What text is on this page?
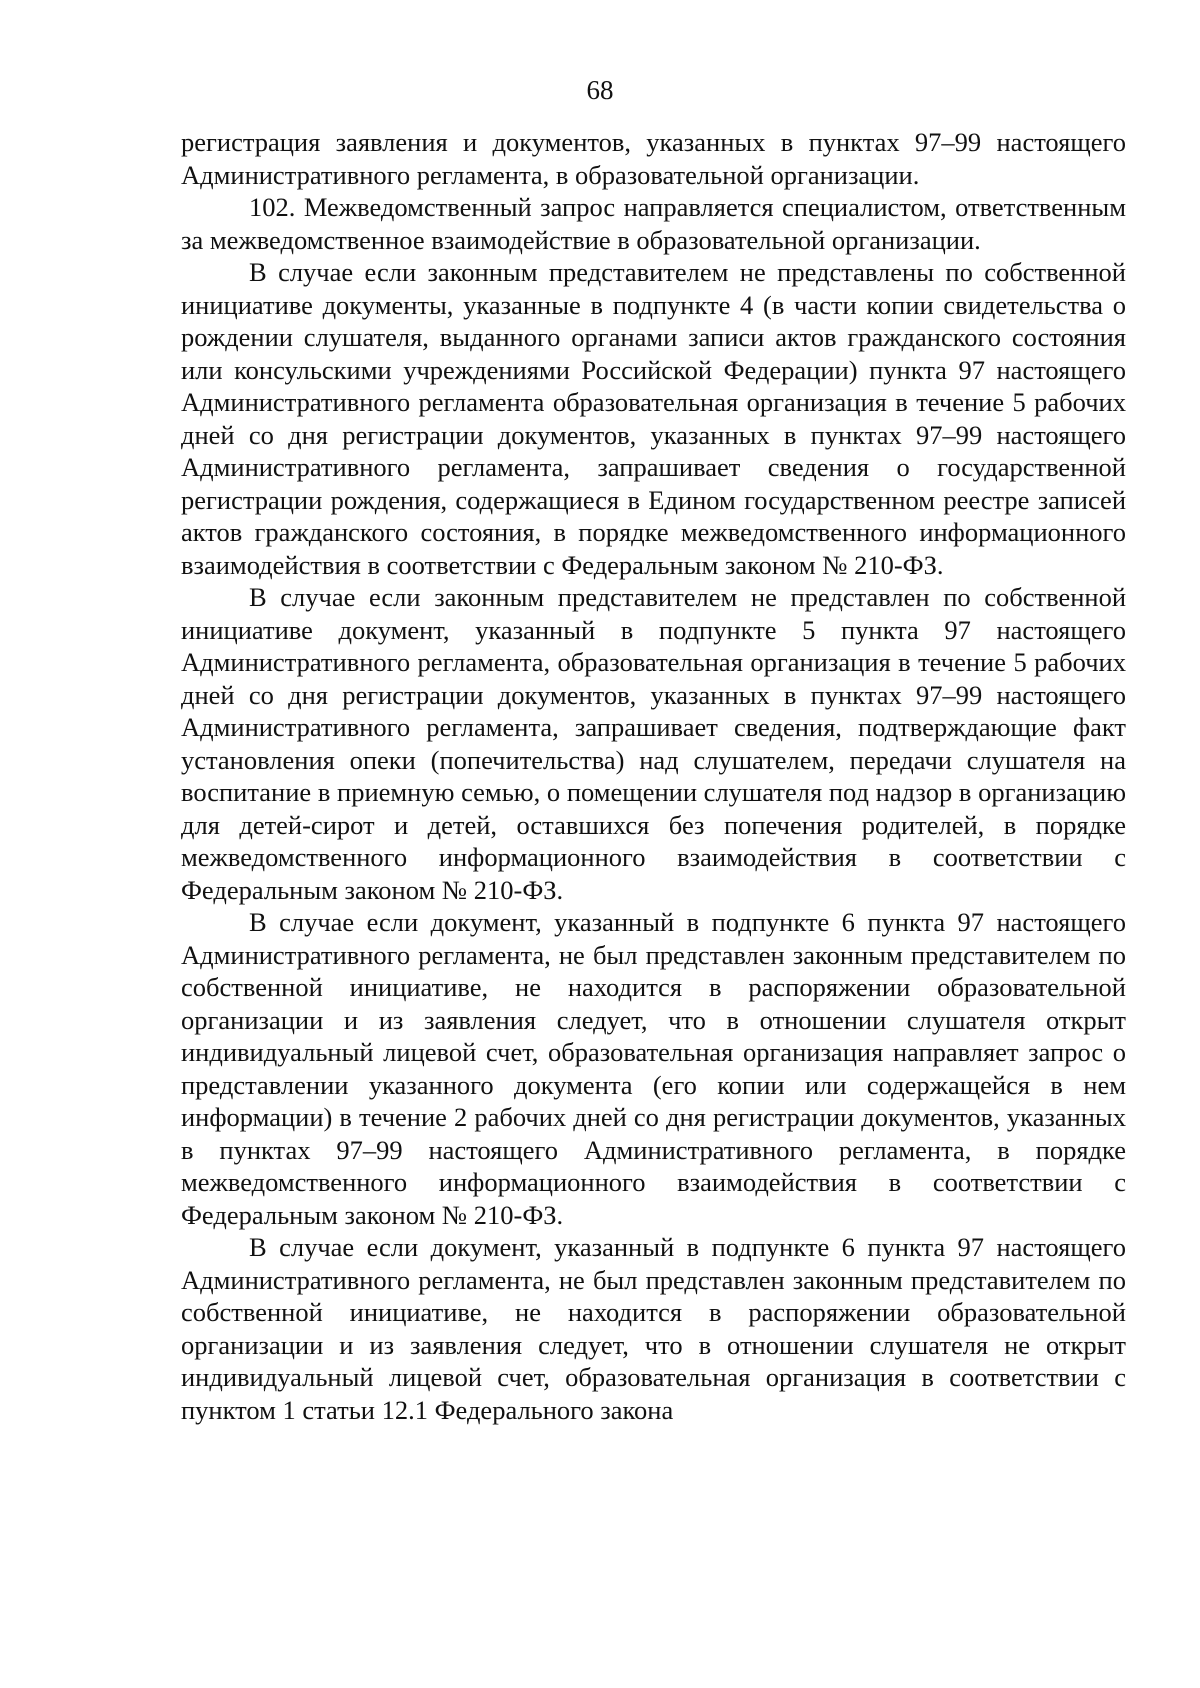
68

регистрация заявления и документов, указанных в пунктах 97–99 настоящего Административного регламента, в образовательной организации.

102. Межведомственный запрос направляется специалистом, ответственным за межведомственное взаимодействие в образовательной организации.

В случае если законным представителем не представлены по собственной инициативе документы, указанные в подпункте 4 (в части копии свидетельства о рождении слушателя, выданного органами записи актов гражданского состояния или консульскими учреждениями Российской Федерации) пункта 97 настоящего Административного регламента образовательная организация в течение 5 рабочих дней со дня регистрации документов, указанных в пунктах 97–99 настоящего Административного регламента, запрашивает сведения о государственной регистрации рождения, содержащиеся в Едином государственном реестре записей актов гражданского состояния, в порядке межведомственного информационного взаимодействия в соответствии с Федеральным законом № 210-ФЗ.

В случае если законным представителем не представлен по собственной инициативе документ, указанный в подпункте 5 пункта 97 настоящего Административного регламента, образовательная организация в течение 5 рабочих дней со дня регистрации документов, указанных в пунктах 97–99 настоящего Административного регламента, запрашивает сведения, подтверждающие факт установления опеки (попечительства) над слушателем, передачи слушателя на воспитание в приемную семью, о помещении слушателя под надзор в организацию для детей-сирот и детей, оставшихся без попечения родителей, в порядке межведомственного информационного взаимодействия в соответствии с Федеральным законом № 210-ФЗ.

В случае если документ, указанный в подпункте 6 пункта 97 настоящего Административного регламента, не был представлен законным представителем по собственной инициативе, не находится в распоряжении образовательной организации и из заявления следует, что в отношении слушателя открыт индивидуальный лицевой счет, образовательная организация направляет запрос о представлении указанного документа (его копии или содержащейся в нем информации) в течение 2 рабочих дней со дня регистрации документов, указанных в пунктах 97–99 настоящего Административного регламента, в порядке межведомственного информационного взаимодействия в соответствии с Федеральным законом № 210-ФЗ.

В случае если документ, указанный в подпункте 6 пункта 97 настоящего Административного регламента, не был представлен законным представителем по собственной инициативе, не находится в распоряжении образовательной организации и из заявления следует, что в отношении слушателя не открыт индивидуальный лицевой счет, образовательная организация в соответствии с пунктом 1 статьи 12.1 Федерального закона
